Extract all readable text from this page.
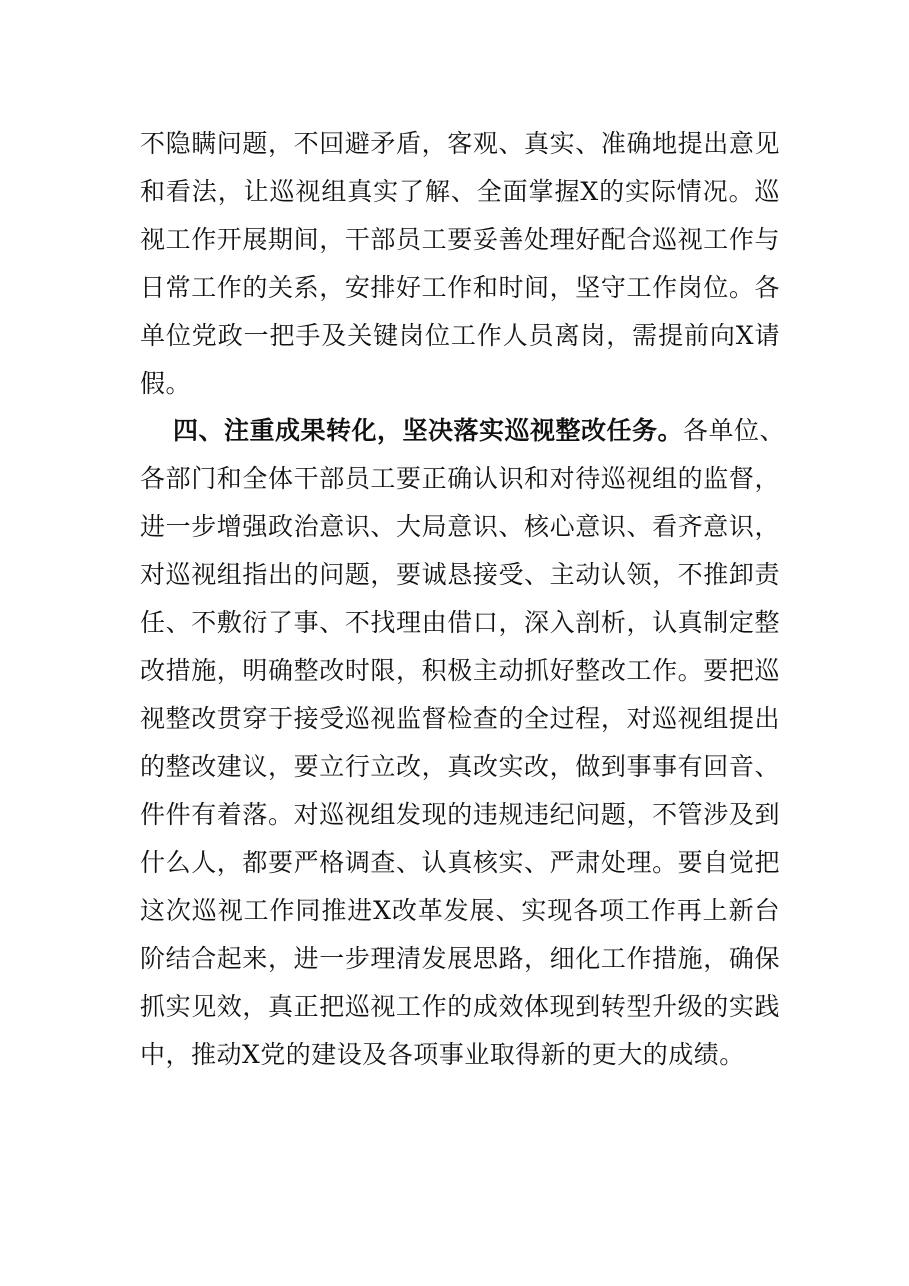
不隐瞒问题，不回避矛盾，客观、真实、准确地提出意见
和看法，让巡视组真实了解、全面掌握X的实际情况。巡
视工作开展期间，干部员工要妥善处理好配合巡视工作与
日常工作的关系，安排好工作和时间，坚守工作岗位。各
单位党政一把手及关键岗位工作人员离岗，需提前向X请
假。
四、注重成果转化，坚决落实巡视整改任务。各单位、
各部门和全体干部员工要正确认识和对待巡视组的监督，
进一步增强政治意识、大局意识、核心意识、看齐意识，
对巡视组指出的问题，要诚恳接受、主动认领，不推卸责
任、不敷衍了事、不找理由借口，深入剖析，认真制定整
改措施，明确整改时限，积极主动抓好整改工作。要把巡
视整改贯穿于接受巡视监督检查的全过程，对巡视组提出
的整改建议，要立行立改，真改实改，做到事事有回音、
件件有着落。对巡视组发现的违规违纪问题，不管涉及到
什么人，都要严格调查、认真核实、严肃处理。要自觉把
这次巡视工作同推进X改革发展、实现各项工作再上新台
阶结合起来，进一步理清发展思路，细化工作措施，确保
抓实见效，真正把巡视工作的成效体现到转型升级的实践
中，推动X党的建设及各项事业取得新的更大的成绩。
